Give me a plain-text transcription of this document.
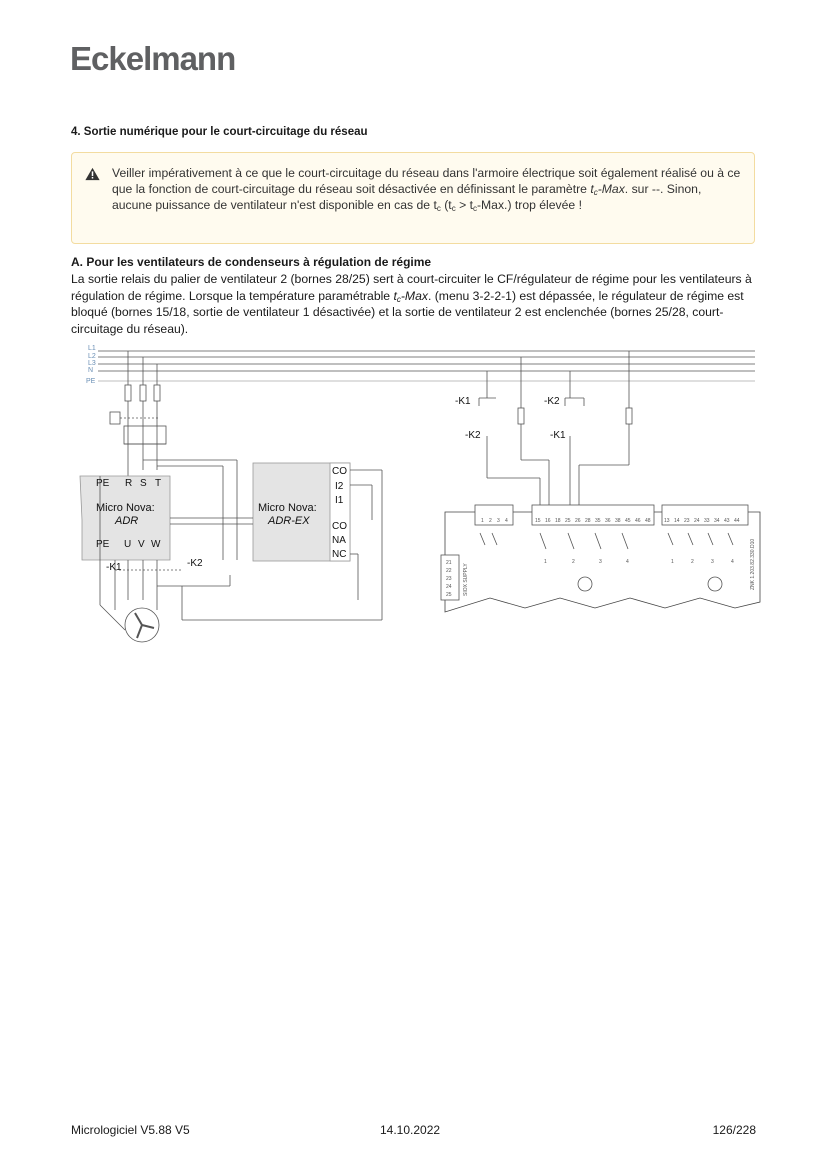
Eckelmann
4. Sortie numérique pour le court-circuitage du réseau
Veiller impérativement à ce que le court-circuitage du réseau dans l'armoire électrique soit également réalisé ou à ce que la fonction de court-circuitage du réseau soit désactivée en définissant le paramètre $t_c$-Max. sur --. Sinon, aucune puissance de ventilateur n'est disponible en cas de $t_c$ $(t_c > t_c-Max.)$ trop élevée !
A. Pour les ventilateurs de condenseurs à régulation de régime
La sortie relais du palier de ventilateur 2 (bornes 28/25) sert à court-circuiter le CF/régulateur de régime pour les ventilateurs à régulation de régime. Lorsque la température paramétrable $t_c$-Max. (menu 3-2-2-1) est dépassée, le régulateur de régime est bloqué (bornes 15/18, sortie de ventilateur 1 désactivée) et la sortie de ventilateur 2 est enclenchée (bornes 25/28, court-circuitage du réseau).
L1
L2
L3
N
PE
PE R S T
Micro Nova:
ADR
PE U V W
Micro Nova:
ADR-EX
CO
I2
I1
CO
NA
NC
-K1	-K2
-K1	-K2
-K2	-K1
1 2 3 4	15 16 18 25 26 28 35 36 38 45 46 48	13 14 23 24 33 34 43 44
1	2	3	4	1	2	3	4
21
22
23
24
25 SIOX SUPPLY	ZNK 1.203.82.330.D10
Micrologiciel V5.88 V5	14.10.2022	126/228
